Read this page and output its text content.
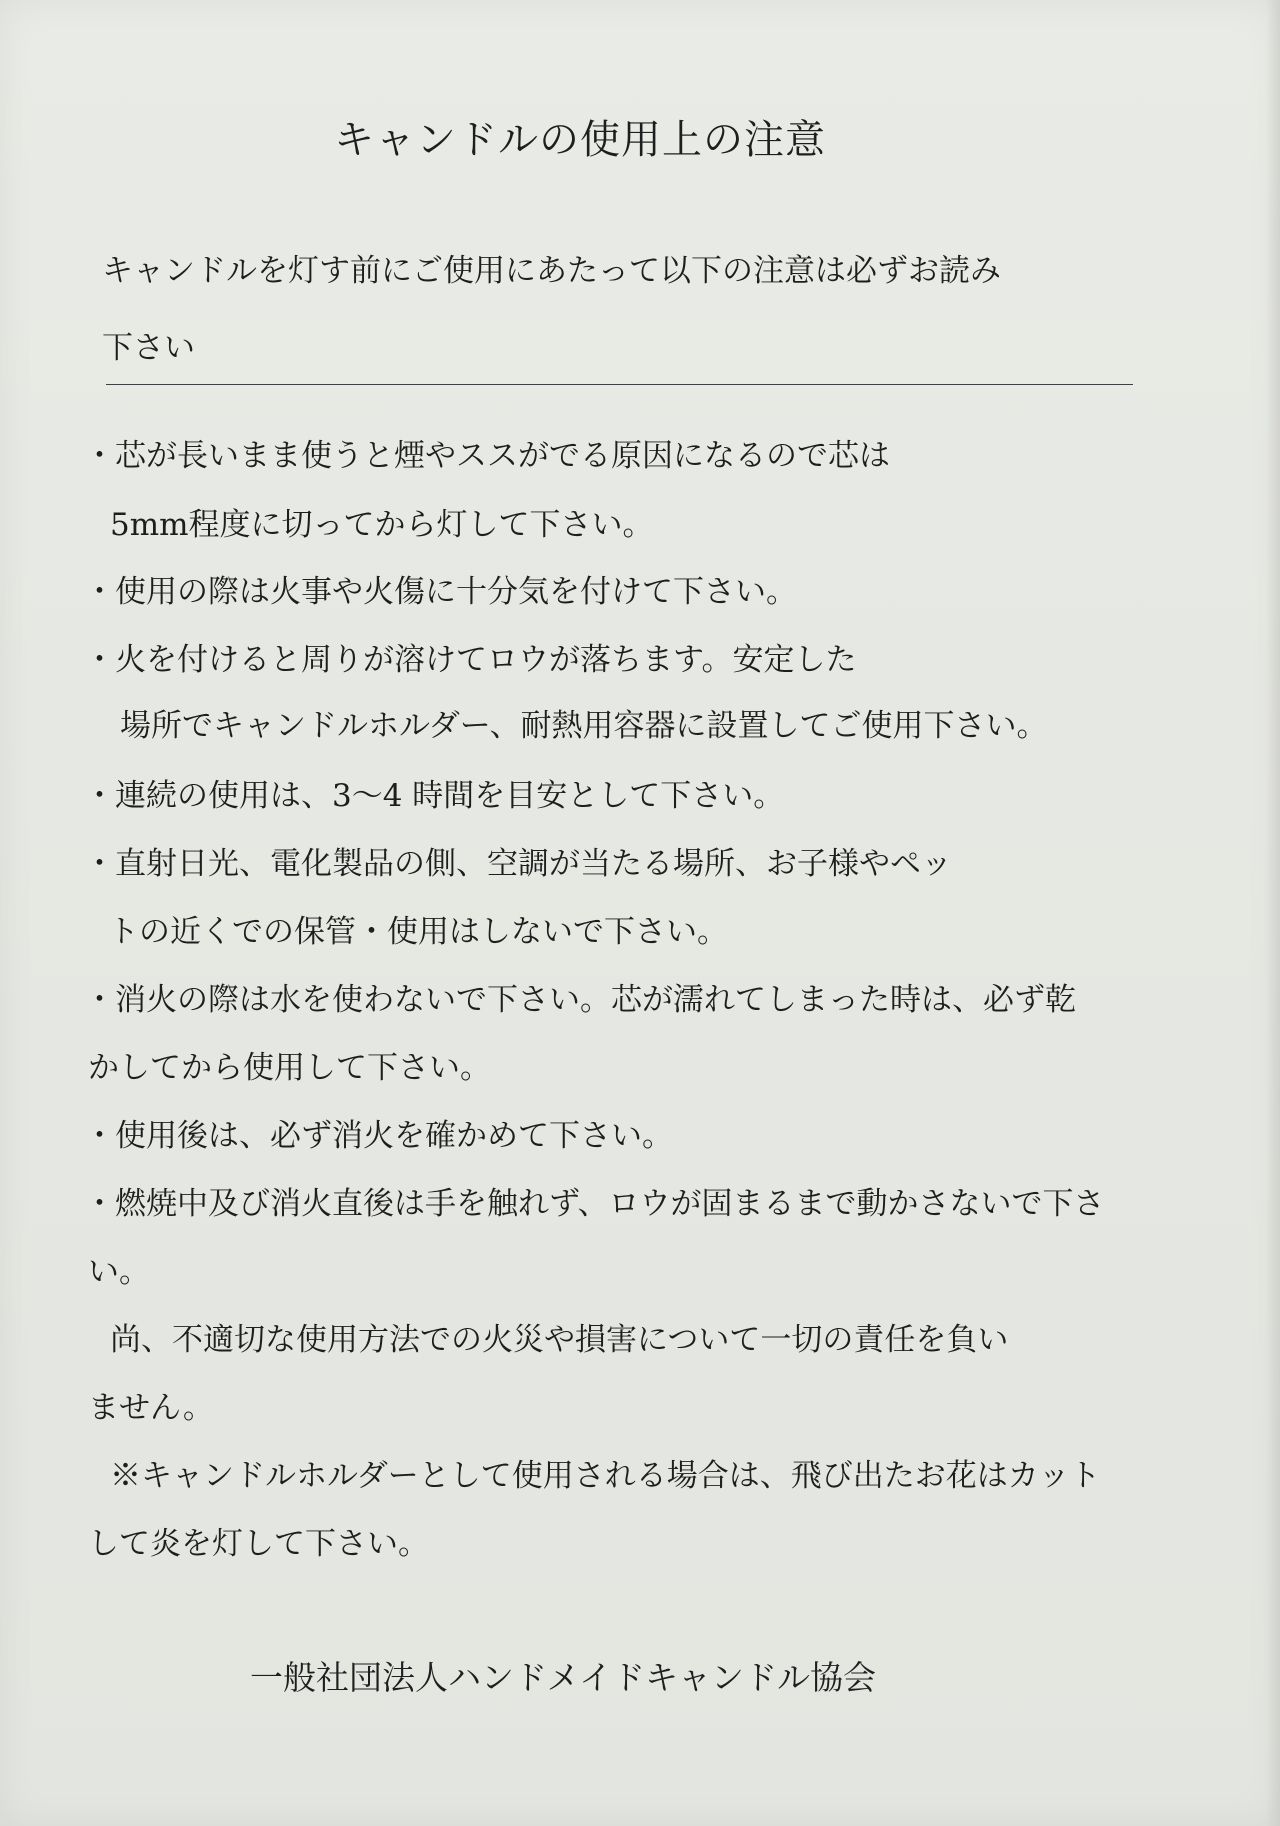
キャンドルの使用上の注意
キャンドルを灯す前にご使用にあたって以下の注意は必ずお読み
下さい
・芯が長いまま使うと煙やススがでる原因になるので芯は
5mm程度に切ってから灯して下さい。
・使用の際は火事や火傷に十分気を付けて下さい。
・火を付けると周りが溶けてロウが落ちます。安定した
場所でキャンドルホルダー、耐熱用容器に設置してご使用下さい。
・連続の使用は、3～4 時間を目安として下さい。
・直射日光、電化製品の側、空調が当たる場所、お子様やペッ
トの近くでの保管・使用はしないで下さい。
・消火の際は水を使わないで下さい。芯が濡れてしまった時は、必ず乾
かしてから使用して下さい。
・使用後は、必ず消火を確かめて下さい。
・燃焼中及び消火直後は手を触れず、ロウが固まるまで動かさないで下さ
い。
尚、不適切な使用方法での火災や損害について一切の責任を負い
ません。
※キャンドルホルダーとして使用される場合は、飛び出たお花はカット
して炎を灯して下さい。
一般社団法人ハンドメイドキャンドル協会
